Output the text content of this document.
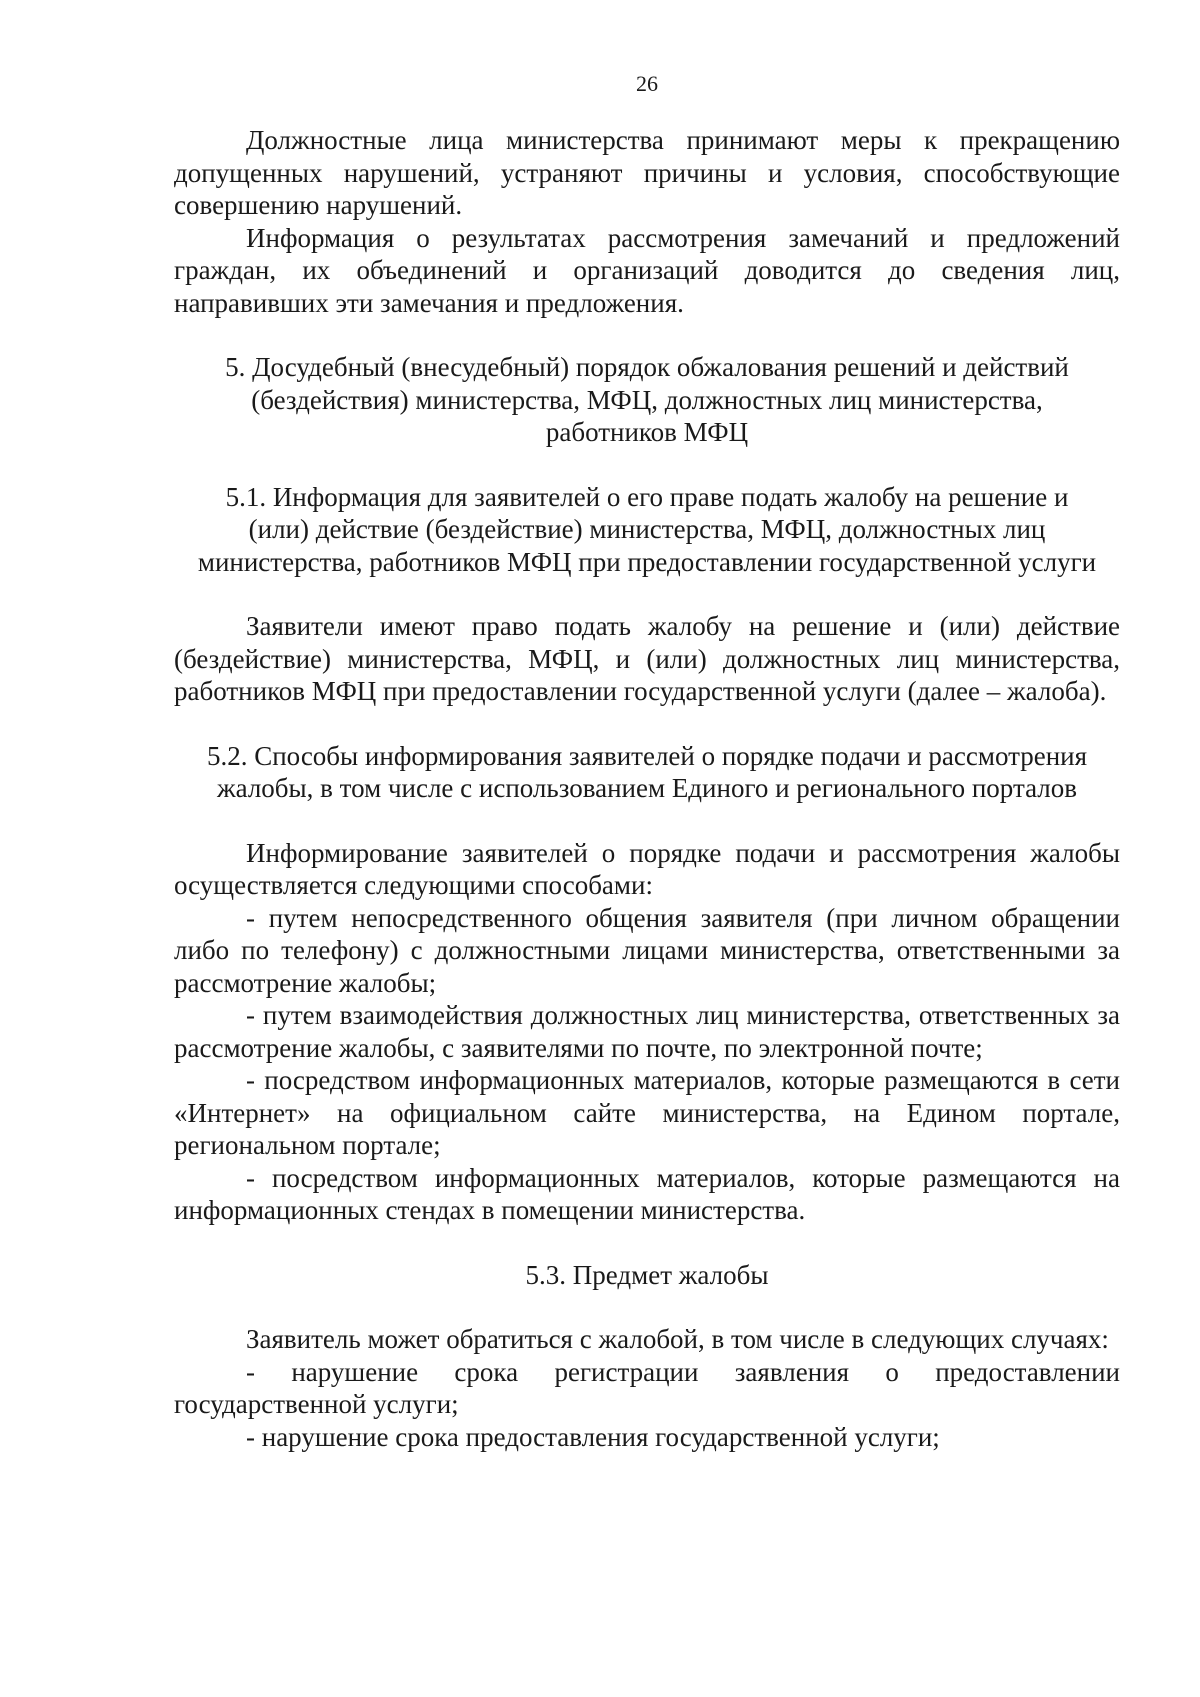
26

Должностные лица министерства принимают меры к прекращению допущенных нарушений, устраняют причины и условия, способствующие совершению нарушений.

Информация о результатах рассмотрения замечаний и предложений граждан, их объединений и организаций доводится до сведения лиц, направивших эти замечания и предложения.

5. Досудебный (внесудебный) порядок обжалования решений и действий (бездействия) министерства, МФЦ, должностных лиц министерства, работников МФЦ
5.1. Информация для заявителей о его праве подать жалобу на решение и (или) действие (бездействие) министерства, МФЦ, должностных лиц министерства, работников МФЦ при предоставлении государственной услуги

Заявители имеют право подать жалобу на решение и (или) действие (бездействие) министерства, МФЦ, и (или) должностных лиц министерства, работников МФЦ при предоставлении государственной услуги (далее – жалоба).

5.2. Способы информирования заявителей о порядке подачи и рассмотрения жалобы, в том числе с использованием Единого и регионального порталов

Информирование заявителей о порядке подачи и рассмотрения жалобы осуществляется следующими способами:

- путем непосредственного общения заявителя (при личном обращении либо по телефону) с должностными лицами министерства, ответственными за рассмотрение жалобы;

- путем взаимодействия должностных лиц министерства, ответственных за рассмотрение жалобы, с заявителями по почте, по электронной почте;

- посредством информационных материалов, которые размещаются в сети «Интернет» на официальном сайте министерства, на Едином портале, региональном портале;

- посредством информационных материалов, которые размещаются на информационных стендах в помещении министерства.

5.3. Предмет жалобы

Заявитель может обратиться с жалобой, в том числе в следующих случаях:

- нарушение срока регистрации заявления о предоставлении государственной услуги;

- нарушение срока предоставления государственной услуги;
